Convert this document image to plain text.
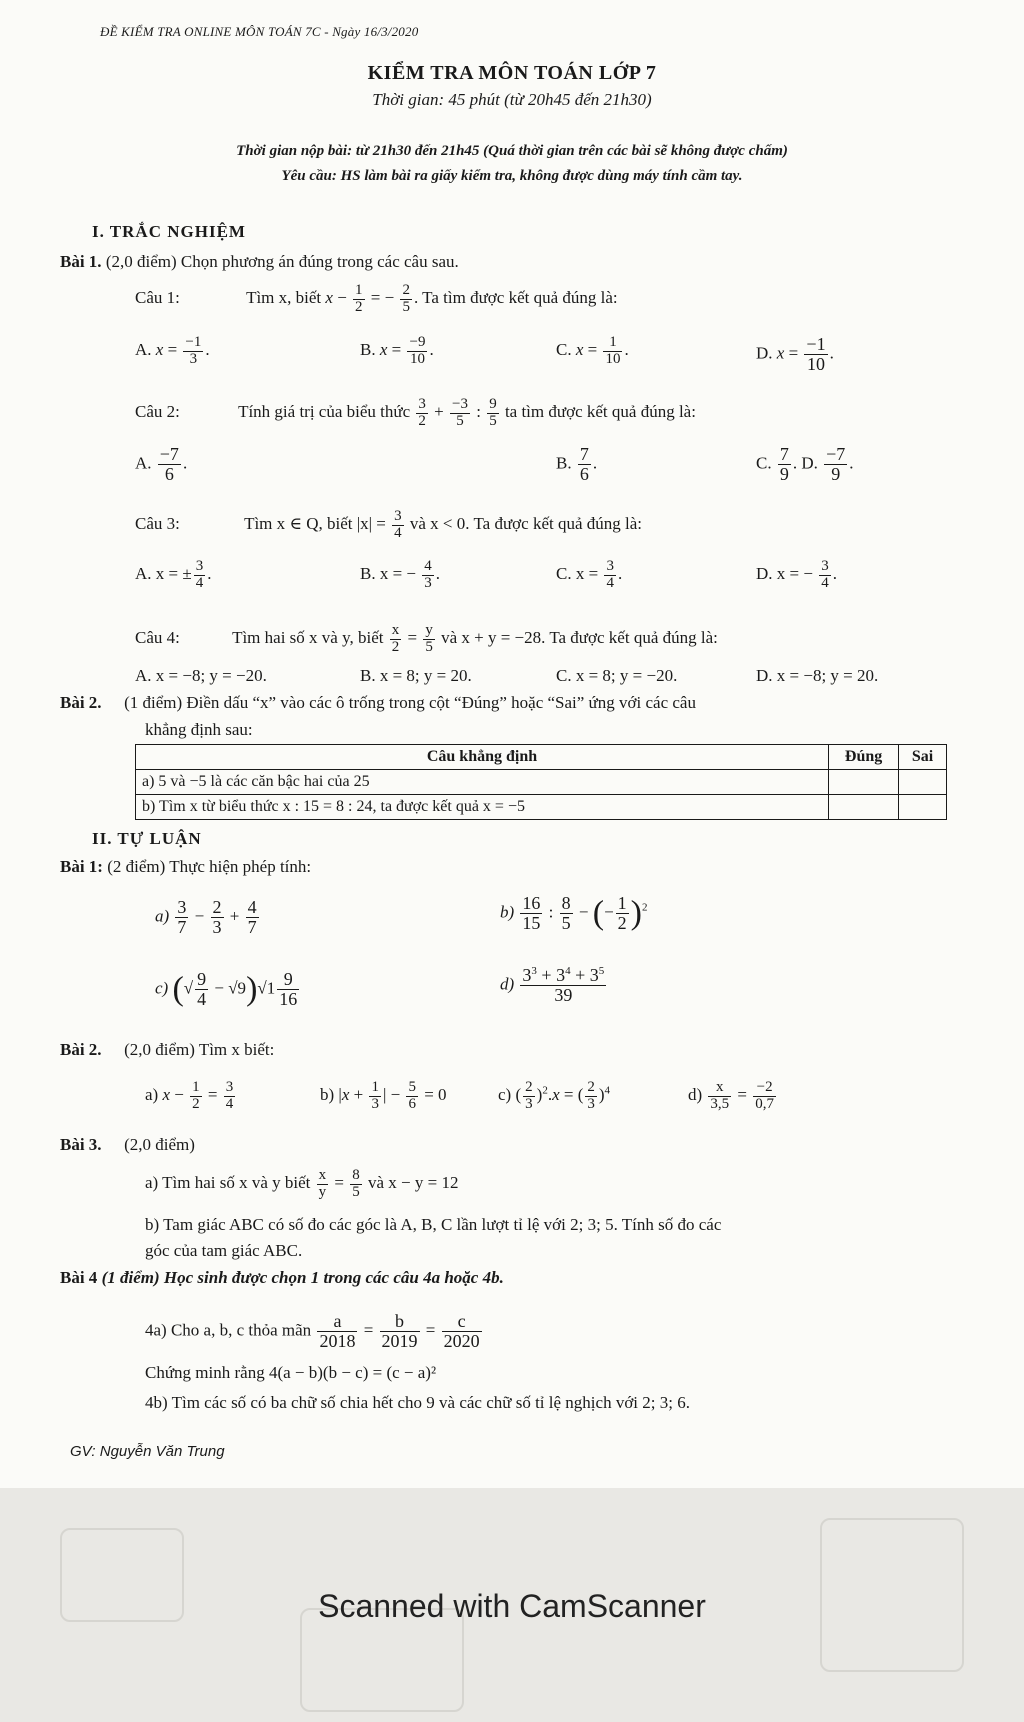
ĐỀ KIỂM TRA ONLINE MÔN TOÁN 7C - Ngày 16/3/2020
KIỂM TRA MÔN TOÁN LỚP 7
Thời gian: 45 phút (từ 20h45 đến 21h30)
Thời gian nộp bài: từ 21h30 đến 21h45 (Quá thời gian trên các bài sẽ không được chấm)
Yêu cầu: HS làm bài ra giấy kiểm tra, không được dùng máy tính cầm tay.
I. TRẮC NGHIỆM
Bài 1. (2,0 điểm) Chọn phương án đúng trong các câu sau.
Câu 1:	Tìm x, biết $x - \frac{1}{2}$ = − $\frac{2}{5}$ . Ta tìm được kết quả đúng là:
A. $x = \frac{-1}{3}$ .	B. $x = \frac{-9}{10}$ .	C. $x = \frac{1}{10}$ .	D. $x = \frac{-1}{10}$ .
Câu 2:	Tính giá trị của biểu thức $\frac{3}{2} + \frac{-3}{5}$ : $\frac{9}{5}$ ta tìm được kết quả đúng là:
A. $\frac{-7}{6}$ .	B. $\frac{7}{6}$ .	C. $\frac{7}{9}$ . D. $\frac{-7}{9}$ .
Câu 3:	Tìm x ∈ Q, biết $|x| = \frac{3}{4}$ và x < 0. Ta được kết quả đúng là:
A. x = ± $\frac{3}{4}$ .	B. x = − $\frac{4}{3}$ .	C. $x = \frac{3}{4}$ .	D. x = − $\frac{3}{4}$ .
Câu 4:	Tìm hai số x và y, biết $\frac{x}{2} = \frac{y}{5}$ và x + y = −28. Ta được kết quả đúng là:
A. x = −8; y = −20.	B. x = 8; y = 20.	C. x = 8; y = −20.	D. x = −8; y = 20.
Bài 2. (1 điểm) Điền dấu “x” vào các ô trống trong cột “Đúng” hoặc “Sai” ứng với các câu
khẳng định sau:
Câu khẳng định	Đúng	Sai
a) 5 và −5 là các căn bậc hai của 25		
b) Tìm x từ biểu thức x : 15 = 8 : 24, ta được kết quả x = −5		
II. TỰ LUẬN
Bài 1: (2 điểm) Thực hiện phép tính:
$a) \frac{3}{7} - \frac{2}{3} + \frac{4}{7}$	$b) \frac{16}{15}$ : $\frac{8}{5}$ − (− $\frac{1}{2} )^2$
c) (√ $\frac{9}{4} - √9)√1 \frac{9}{16}$	$d) \frac{3^3 + 3^4 + 3^5}{39}$
Bài 2. (2,0 điểm) Tìm x biết:
a) $x - \frac{1}{2} = \frac{3}{4}$	b) $|x + \frac{1}{3}$ | − $\frac{5}{6} = 0$	c) ( $\frac{2}{3} )^2.x$ = ( $\frac{2}{3} )^4$	$d) \frac{x}{3,5} = \frac{-2}{0,7}$
Bài 3. (2,0 điểm)
a) Tìm hai số x và y biết $\frac{x}{y} = \frac{8}{5}$ và x − y = 12
b) Tam giác ABC có số đo các góc là A, B, C lần lượt tỉ lệ với 2; 3; 5. Tính số đo các
góc của tam giác ABC.
Bài 4 (1 điểm) Học sinh được chọn 1 trong các câu 4a hoặc 4b.
4a) Cho a, b, c thỏa mãn $\frac{a}{2018} = \frac{b}{2019} = \frac{c}{2020}$
Chứng minh rằng 4(a − b)(b − c) = (c − a)²
4b) Tìm các số có ba chữ số chia hết cho 9 và các chữ số tỉ lệ nghịch với 2; 3; 6.
GV: Nguyễn Văn Trung
Scanned with CamScanner
